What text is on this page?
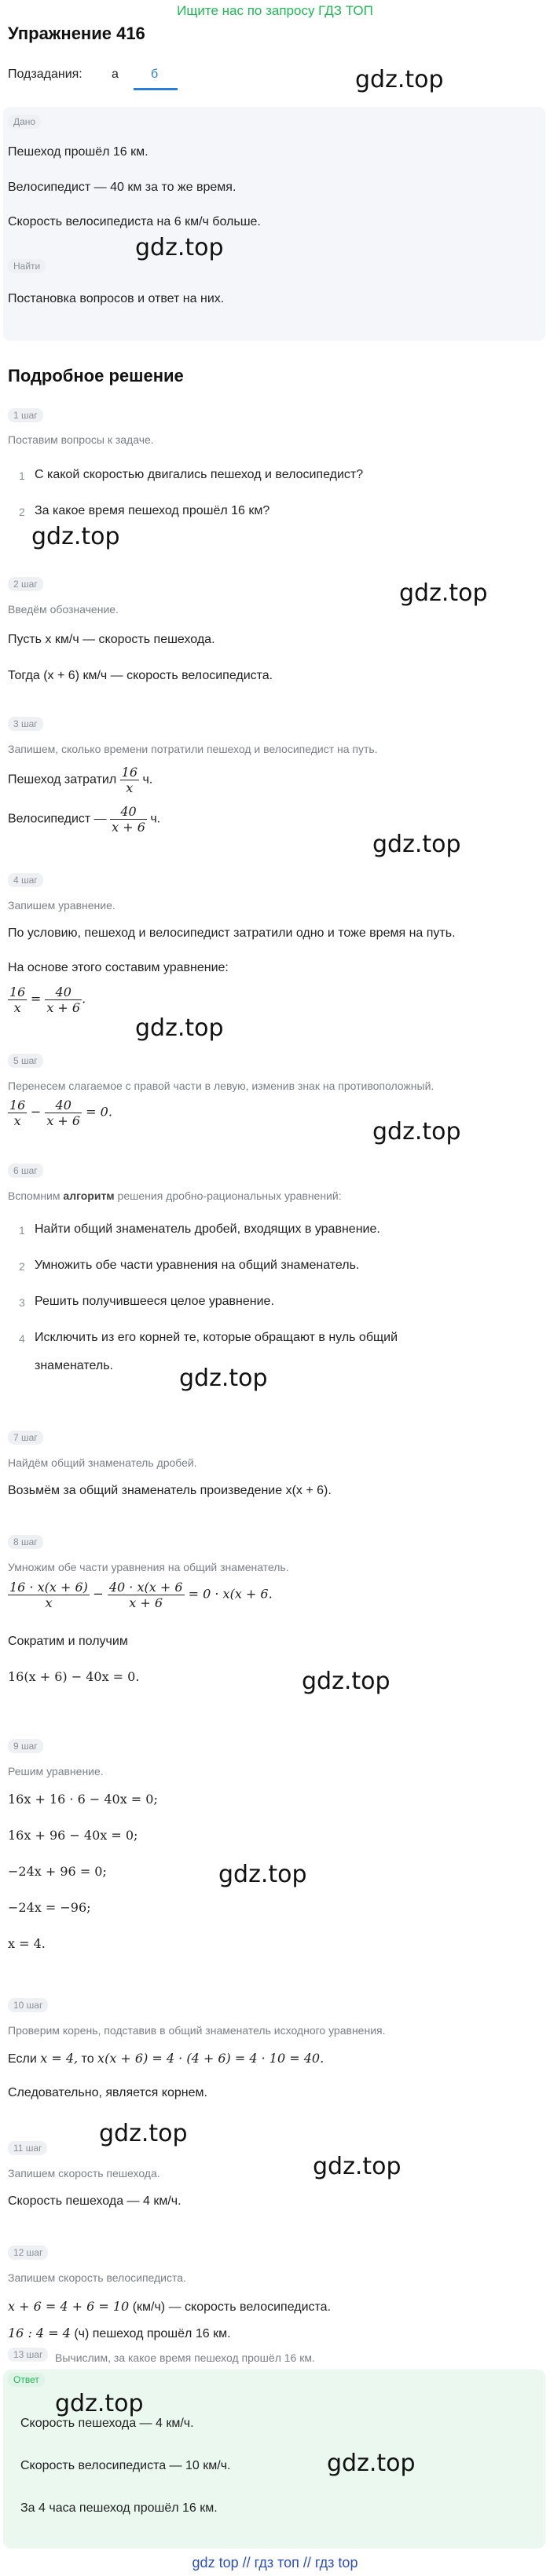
Ищите нас по запросу ГДЗ ТОП
Упражнение 416
Подзадания: а	б
Дано
Пешеход прошёл 16 км.
Велосипедист — 40 км за то же время.
Скорость велосипедиста на 6 км/ч больше.
Найти
Постановка вопросов и ответ на них.
Подробное решение
1 шаг
Поставим вопросы к задаче.
1 С какой скоростью двигались пешеход и велосипедист?
2 За какое время пешеход прошёл 16 км?
2 шаг
Введём обозначение.
Пусть x км/ч — скорость пешехода.
Тогда (x + 6) км/ч — скорость велосипедиста.
3 шаг
Запишем, сколько времени потратили пешеход и велосипедист на путь.
Пешеход затратил $\frac{16}{x} ч$.
Велосипедист — $\frac{40}{x + 6} ч$.
4 шаг
Запишем уравнение.
По условию, пешеход и велосипедист затратили одно и тоже время на путь.
На основе этого составим уравнение:
$\frac{16}{x} = \frac{40}{x + 6}$ .
5 шаг
Перенесем слагаемое с правой части в левую, изменив знак на противоположный.
$\frac{16}{x} - \frac{40}{x + 6} = 0$.
6 шаг
Вспомним алгоритм решения дробно-рациональных уравнений:
1 Найти общий знаменатель дробей, входящих в уравнение.
2 Умножить обе части уравнения на общий знаменатель.
3 Решить получившееся целое уравнение.
4 Исключить из его корней те, которые обращают в нуль общий
знаменатель.
7 шаг
Найдём общий знаменатель дробей.
Возьмём за общий знаменатель произведение x(x + 6).
8 шаг
Умножим обе части уравнения на общий знаменатель.
$\frac{16 \cdot x(x + 6)}{x} - \frac{40 \cdot x(x + 6}{x + 6} = 0 \cdot x(x + 6$.
Сократим и получим
16(x + 6) − 40x = 0.
9 шаг
Решим уравнение.
16x + 16 · 6 − 40x = 0;
16x + 96 − 40x = 0;
−24x + 96 = 0;
−24x = −96;
x = 4.
10 шаг
Проверим корень, подставив в общий знаменатель исходного уравнения.
Если x = 4, то x(x + 6) = 4 · (4 + 6) = 4 · 10 = 40.
Следовательно, является корнем.
11 шаг
Запишем скорость пешехода.
Скорость пешехода — 4 км/ч.
12 шаг
Запишем скорость велосипедиста.
x + 6 = 4 + 6 = 10 (км/ч) — скорость велосипедиста.
13 шаг	Вычислим, за какое время пешеход прошёл 16 км.
Ответ
16 : 4 = 4 (ч) пешеход прошёл 16 км.
Скорость пешехода — 4 км/ч.
Скорость велосипедиста — 10 км/ч.
За 4 часа пешеход прошёл 16 км.
gdz.top
gdz.top
gdz.top
gdz.top
gdz.top
gdz.top
gdz.top
gdz.top
gdz.top
gdz.top
gdz.top
gdz.top
gdz.top
gdz.top
gdz top // гдз топ // гдз top
